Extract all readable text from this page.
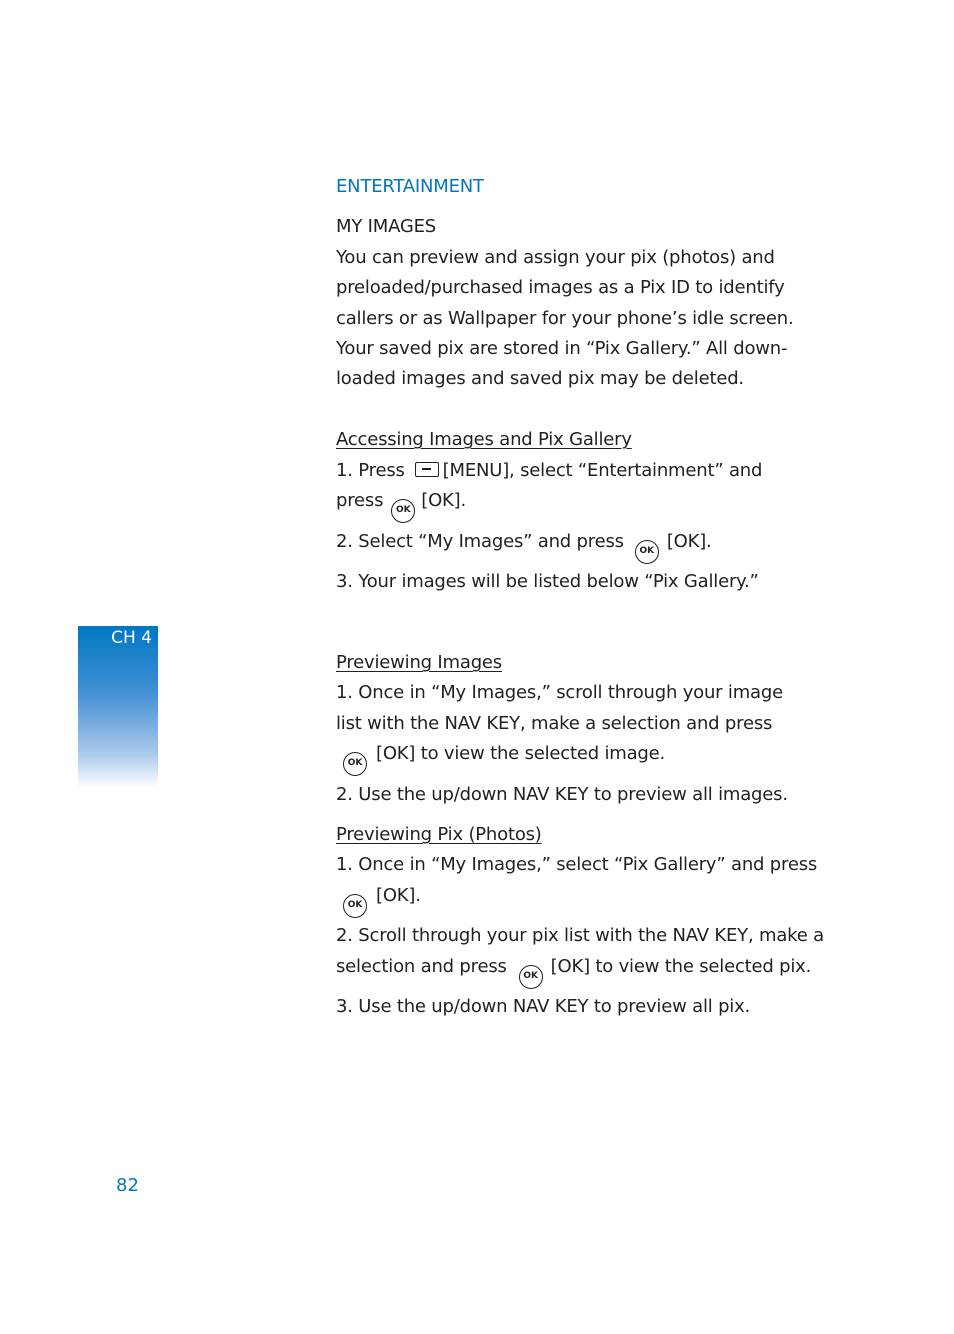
ENTERTAINMENT
MY IMAGES
You can preview and assign your pix (photos) and
preloaded/purchased images as a Pix ID to identify
callers or as Wallpaper for your phone’s idle screen.
Your saved pix are stored in “Pix Gallery.” All down-
loaded images and saved pix may be deleted.
Accessing Images and Pix Gallery
1. Press [MENU], select “Entertainment” and
press OK [OK].
2. Select “My Images” and press OK [OK].
3. Your images will be listed below “Pix Gallery.”
Previewing Images
1. Once in “My Images,” scroll through your image
list with the NAV KEY, make a selection and press
OK [OK] to view the selected image.
2. Use the up/down NAV KEY to preview all images.
Previewing Pix (Photos)
1. Once in “My Images,” select “Pix Gallery” and press
OK [OK].
2. Scroll through your pix list with the NAV KEY, make a
selection and press OK [OK] to view the selected pix.
3. Use the up/down NAV KEY to preview all pix.
CH 4
82
